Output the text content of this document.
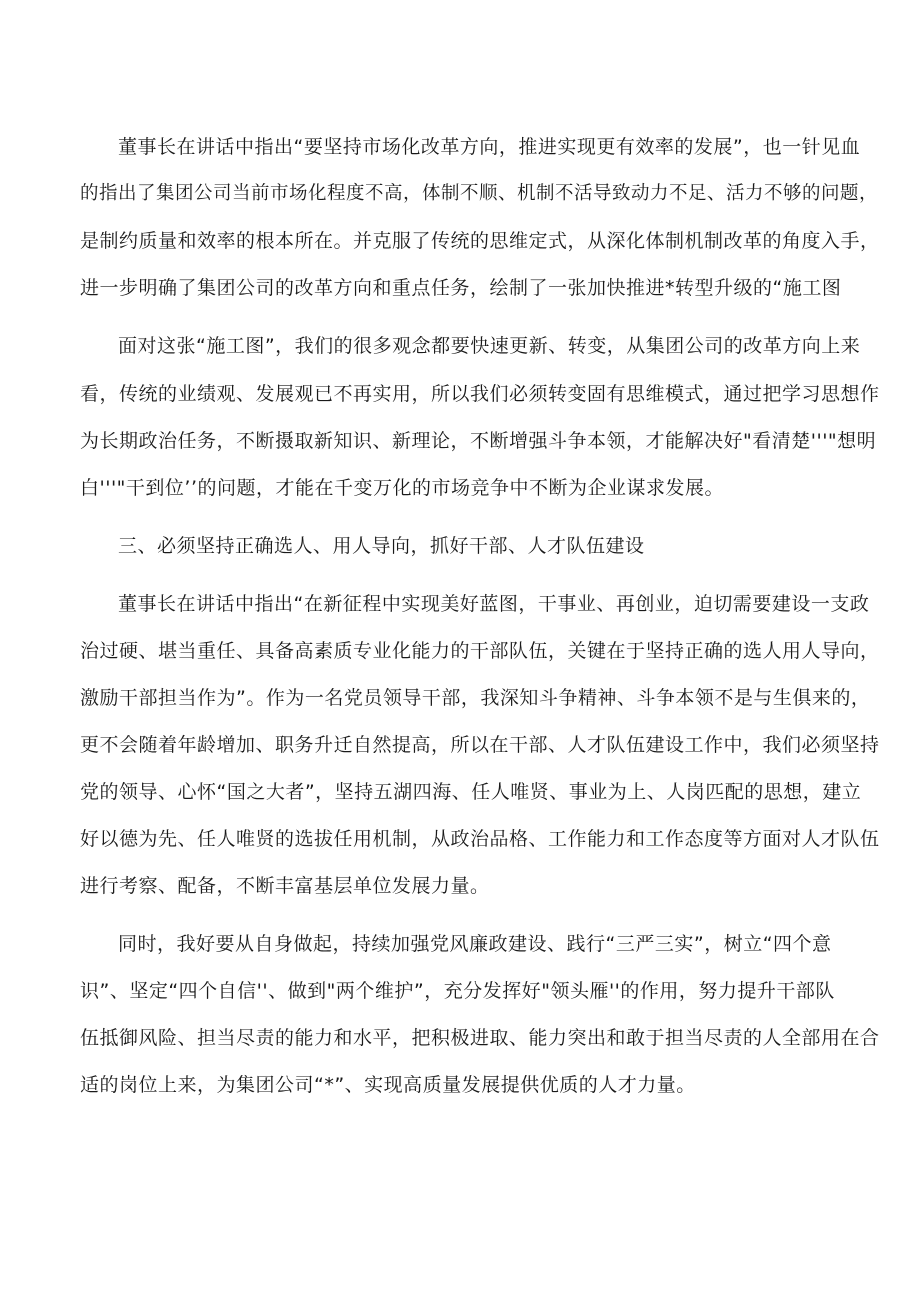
董事长在讲话中指出“要坚持市场化改革方向，推进实现更有效率的发展”，也一针见血

的指出了集团公司当前市场化程度不高，体制不顺、机制不活导致动力不足、活力不够的问题，

是制约质量和效率的根本所在。并克服了传统的思维定式，从深化体制机制改革的角度入手，

进一步明确了集团公司的改革方向和重点任务，绘制了一张加快推进*转型升级的“施工图

面对这张“施工图”，我们的很多观念都要快速更新、转变，从集团公司的改革方向上来

看，传统的业绩观、发展观已不再实用，所以我们必须转变固有思维模式，通过把学习思想作

为长期政治任务，不断摄取新知识、新理论，不断增强斗争本领，才能解决好"看清楚'''"想明

白'''"干到位’’的问题，才能在千变万化的市场竞争中不断为企业谋求发展。

三、必须坚持正确选人、用人导向，抓好干部、人才队伍建设

董事长在讲话中指出“在新征程中实现美好蓝图，干事业、再创业，迫切需要建设一支政

治过硬、堪当重任、具备高素质专业化能力的干部队伍，关键在于坚持正确的选人用人导向，

激励干部担当作为”。作为一名党员领导干部，我深知斗争精神、斗争本领不是与生俱来的，

更不会随着年龄增加、职务升迁自然提高，所以在干部、人才队伍建设工作中，我们必须坚持

党的领导、心怀“国之大者”，坚持五湖四海、任人唯贤、事业为上、人岗匹配的思想，建立

好以德为先、任人唯贤的选拔任用机制，从政治品格、工作能力和工作态度等方面对人才队伍

进行考察、配备，不断丰富基层单位发展力量。

同时，我好要从自身做起，持续加强党风廉政建设、践行“三严三实”，树立“四个意

识”、坚定“四个自信''、做到"两个维护”，充分发挥好"领头雁''的作用，努力提升干部队

伍抵御风险、担当尽责的能力和水平，把积极进取、能力突出和敢于担当尽责的人全部用在合

适的岗位上来，为集团公司“*”、实现高质量发展提供优质的人才力量。
